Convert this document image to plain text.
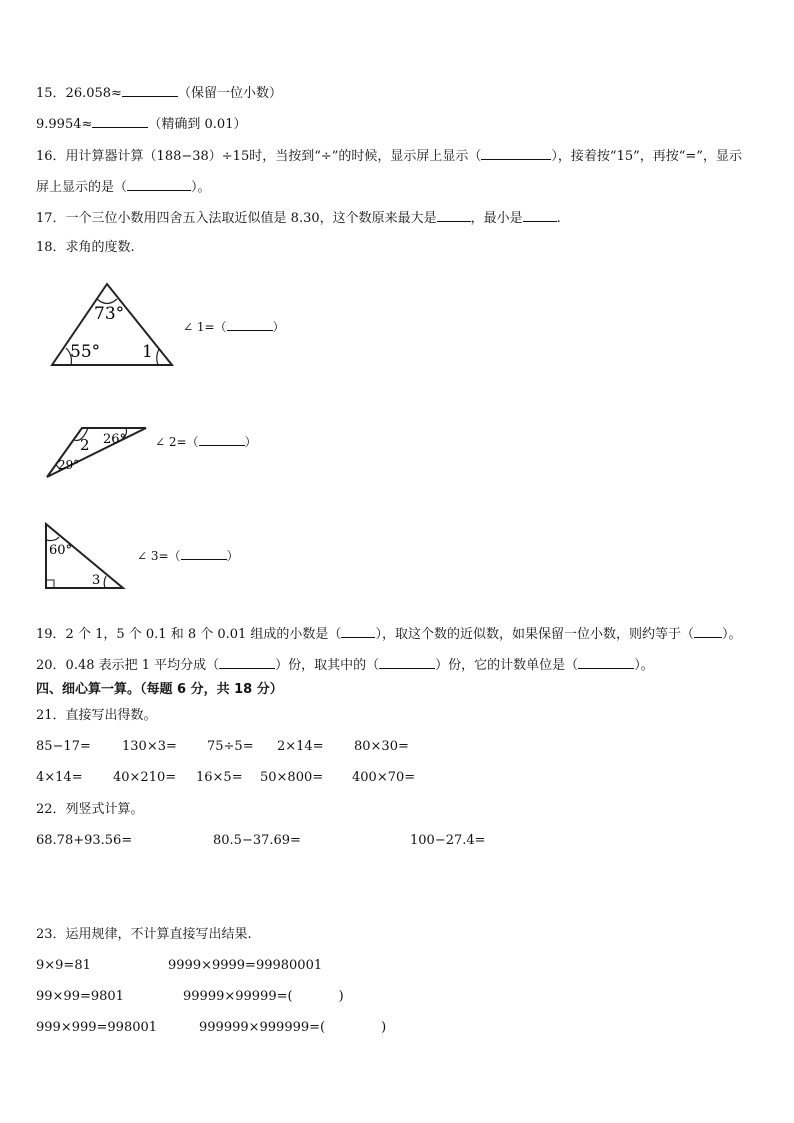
15．26.058≈	（保留一位小数）
9.9954≈	（精确到 0.01）
16．用计算器计算（188−38）÷15时，当按到“÷”的时候，显示屏上显示（	），接着按“15”，再按“=”，显示
屏上显示的是（	）。
17．一个三位小数用四舍五入法取近似值是 8.30，这个数原来最大是	，最小是	.
18．求角的度数.
73°
55° 1
∠ 1=（	）
2 26°
29°
∠ 2=（	）
60°
3
∠ 3=（	）
19．2 个 1，5 个 0.1 和 8 个 0.01 组成的小数是（	），取这个数的近似数，如果保留一位小数，则约等于（ ）。
20．0.48 表示把 1 平均分成（	）份，取其中的（	）份，它的计数单位是（	）。
四、细心算一算。（每题 6 分，共 18 分）
21．直接写出得数。
85−17= 130×3= 75÷5= 2×14= 80×30=
4×14= 40×210= 16×5= 50×800= 400×70=
22．列竖式计算。
68.78+93.56=	80.5−37.69=	100−27.4=
23．运用规律，不计算直接写出结果.
9×9=81	9999×9999=99980001
99×99=9801	99999×99999=(	)
999×999=998001	999999×999999=(	)
